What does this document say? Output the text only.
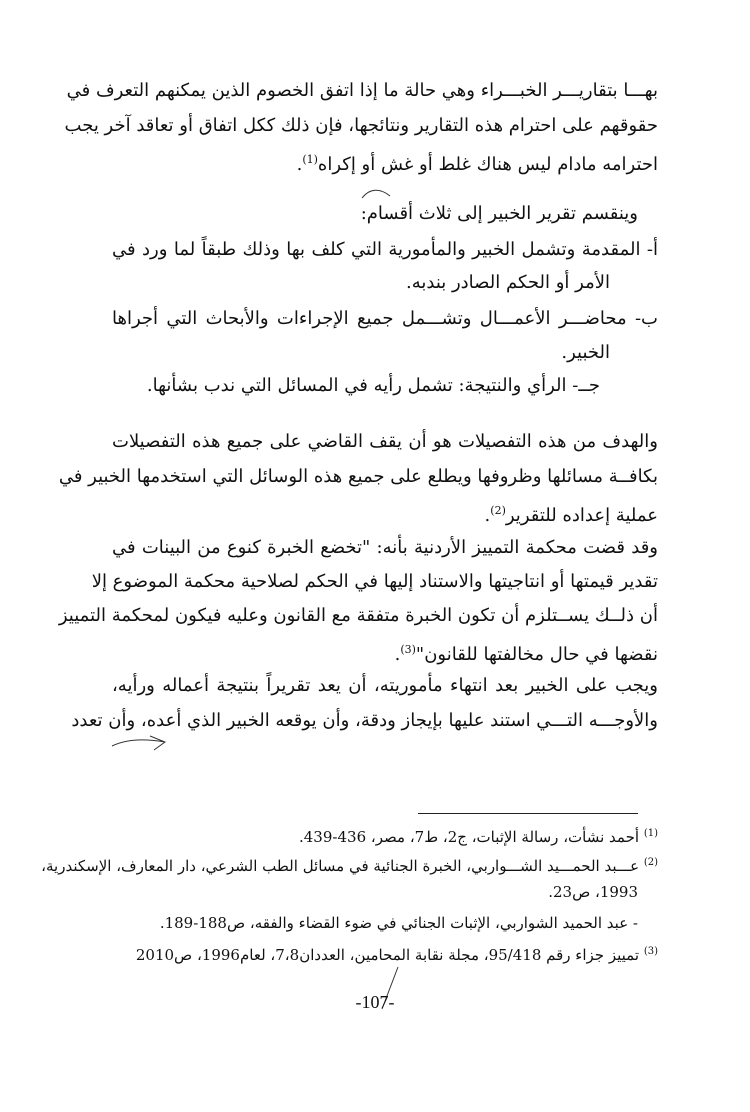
بهـــا بتقاريـــر الخبـــراء وهي حالة ما إذا اتفق الخصوم الذين يمكنهم التعرف في
حقوقهم على احترام هذه التقارير ونتائجها، فإن ذلك ككل اتفاق أو تعاقد آخر يجب
احترامه مادام ليس هناك غلط أو غش أو إكراه$^{(1)}$.
وينقسم تقرير الخبير إلى ثلاث أقسام:
أ- المقدمة وتشمل الخبير والمأمورية التي كلف بها وذلك طبقاً لما ورد في
الأمر أو الحكم الصادر بندبه.
ب- محاضـــر الأعمـــال وتشـــمل جميع الإجراءات والأبحاث التي أجراها
الخبير.
جــ- الرأي والنتيجة: تشمل رأيه في المسائل التي ندب بشأنها.
والهدف من هذه التفصيلات هو أن يقف القاضي على جميع هذه التفصيلات
بكافــة مسائلها وظروفها ويطلع على جميع هذه الوسائل التي استخدمها الخبير في
عملية إعداده للتقرير$^{(2)}$.
وقد قضت محكمة التمييز الأردنية بأنه: "تخضع الخبرة كنوع من البينات في
تقدير قيمتها أو انتاجيتها والاستناد إليها في الحكم لصلاحية محكمة الموضوع إلا
أن ذلــك يســتلزم أن تكون الخبرة متفقة مع القانون وعليه فيكون لمحكمة التمييز
نقضها في حال مخالفتها للقانون"$^{(3)}$.
ويجب على الخبير بعد انتهاء مأموريته، أن يعد تقريراً بنتيجة أعماله ورأيه،
والأوجـــه التـــي استند عليها بإيجاز ودقة، وأن يوقعه الخبير الذي أعده، وأن تعدد
$^{(1)}$ أحمد نشأت، رسالة الإثبات، ج2، ط7، مصر، 436-439.
$^{(2)}$ عـــبد الحمـــيد الشـــواربي، الخبرة الجنائية في مسائل الطب الشرعي، دار المعارف، الإسكندرية،
1993، ص23.
- عبد الحميد الشواربي، الإثبات الجنائي في ضوء القضاء والفقه، ص188-189.
$^{(3)}$ تمييز جزاء رقم 95/418، مجلة نقابة المحامين، العددان7،8، لعام1996، ص2010
-107-
